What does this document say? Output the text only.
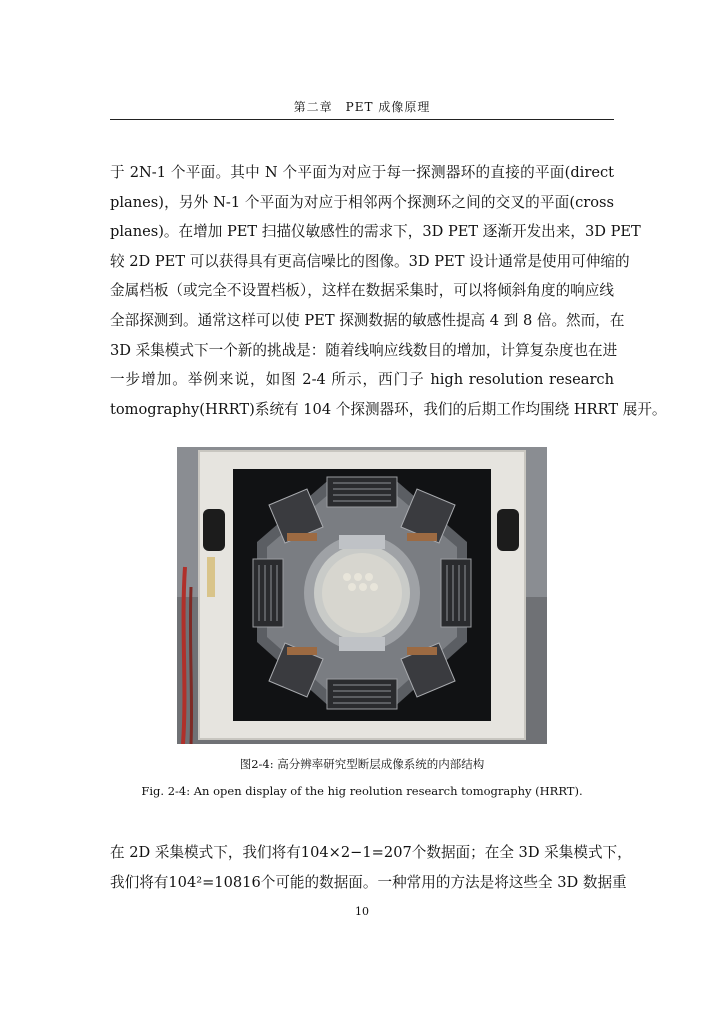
第二章　PET 成像原理
于 2N-1 个平面。其中 N 个平面为对应于每一探测器环的直接的平面(direct
planes)，另外 N-1 个平面为对应于相邻两个探测环之间的交叉的平面(cross
planes)。在增加 PET 扫描仪敏感性的需求下，3D PET 逐渐开发出来，3D PET
较 2D PET 可以获得具有更高信噪比的图像。3D PET 设计通常是使用可伸缩的
金属档板（或完全不设置档板），这样在数据采集时，可以将倾斜角度的响应线
全部探测到。通常这样可以使 PET 探测数据的敏感性提高 4 到 8 倍。然而，在
3D 采集模式下一个新的挑战是：随着线响应线数目的增加，计算复杂度也在进
一步增加。举例来说，如图 2-4 所示，西门子 high resolution research
tomography(HRRT)系统有 104 个探测器环，我们的后期工作均围绕 HRRT 展开。
图2-4: 高分辨率研究型断层成像系统的内部结构
Fig. 2-4: An open display of the hig reolution research tomography (HRRT).
在 2D 采集模式下，我们将有104×2−1=207个数据面；在全 3D 采集模式下，
我们将有104²=10816个可能的数据面。一种常用的方法是将这些全 3D 数据重
10
